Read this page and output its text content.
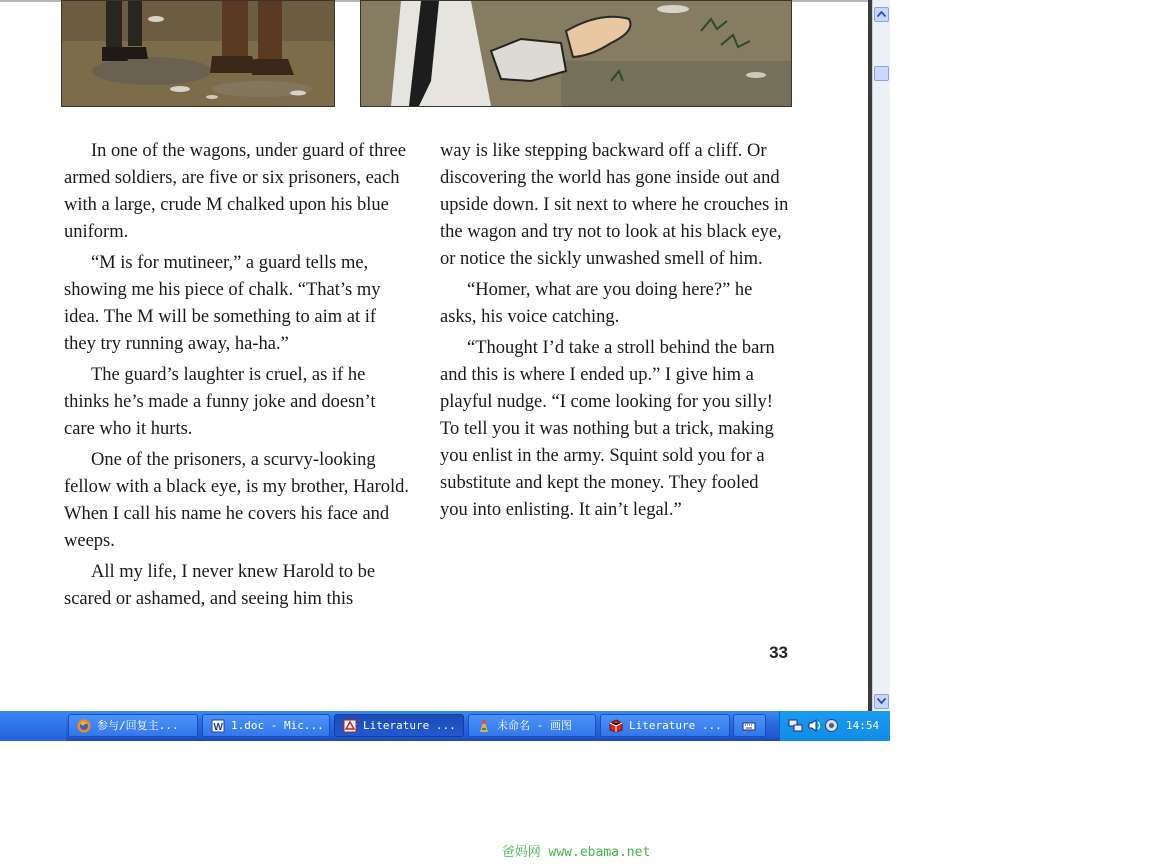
In one of the wagons, under guard of three armed soldiers, are five or six prisoners, each with a large, crude M chalked upon his blue uniform.

“M is for mutineer,” a guard tells me, showing me his piece of chalk. “That’s my idea. The M will be something to aim at if they try running away, ha-ha.”

The guard’s laughter is cruel, as if he thinks he’s made a funny joke and doesn’t care who it hurts.

One of the prisoners, a scurvy-looking fellow with a black eye, is my brother, Harold. When I call his name he covers his face and weeps.

All my life, I never knew Harold to be scared or ashamed, and seeing him this

way is like stepping backward off a cliff. Or discovering the world has gone inside out and upside down. I sit next to where he crouches in the wagon and try not to look at his black eye, or notice the sickly unwashed smell of him.

“Homer, what are you doing here?” he asks, his voice catching.

“Thought I’d take a stroll behind the barn and this is where I ended up.” I give him a playful nudge. “I come looking for you silly! To tell you it was nothing but a trick, making you enlist in the army. Squint sold you for a substitute and kept the money. They fooled you into enlisting. It ain’t legal.”

33
参与/回复主...	W 1.doc - Mic...	Literature ...	未命名 - 画图	Literature ...	14:54
爸妈网 www.ebama.net
